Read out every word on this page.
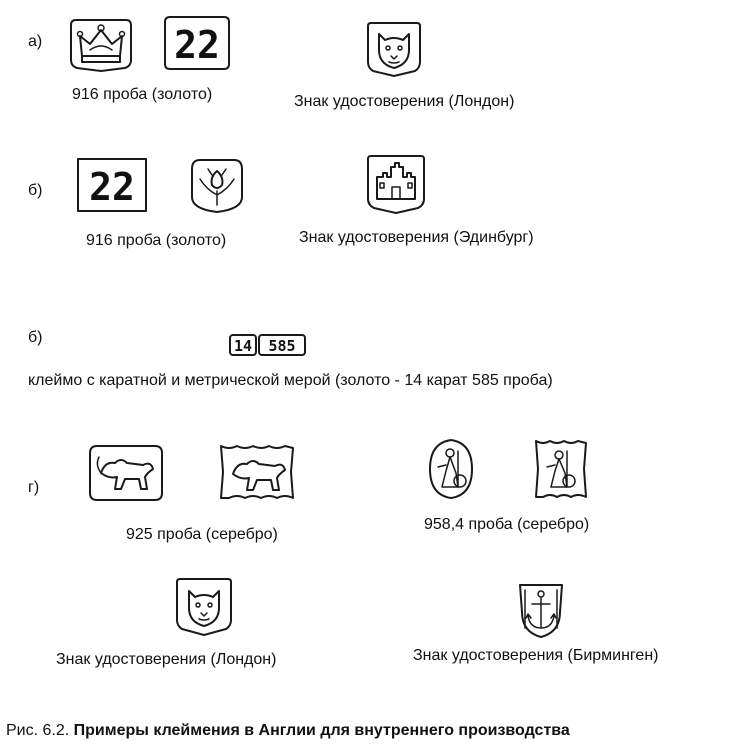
а)	22
916 проба (золото)	Знак удостоверения (Лондон)
б) 22
916 проба (золото)	Знак удостоверения (Эдинбург)
б)	14 585
клеймо с каратной и метрической мерой (золото - 14 карат 585 проба)
г)
925 проба (серебро)
958,4 проба (серебро)
Знак удостоверения (Лондон)	Знак удостоверения (Бирминген)
Рис. 6.2. Примеры клеймения в Англии для внутреннего производства
